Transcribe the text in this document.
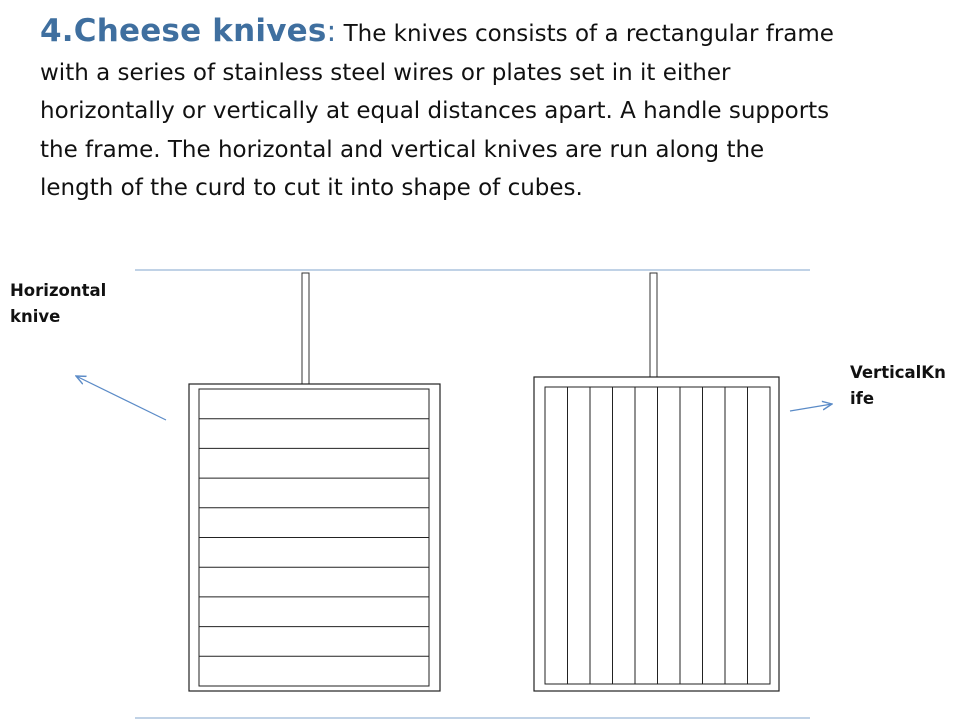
4.Cheese knives: The knives consists of a rectangular frame
with a series of stainless steel wires or plates set in it either
horizontally or vertically at equal distances apart. A handle supports
the frame. The horizontal and vertical knives are run along the
length of the curd to cut it into shape of cubes.
Horizontal
knive
VerticalKn
ife
